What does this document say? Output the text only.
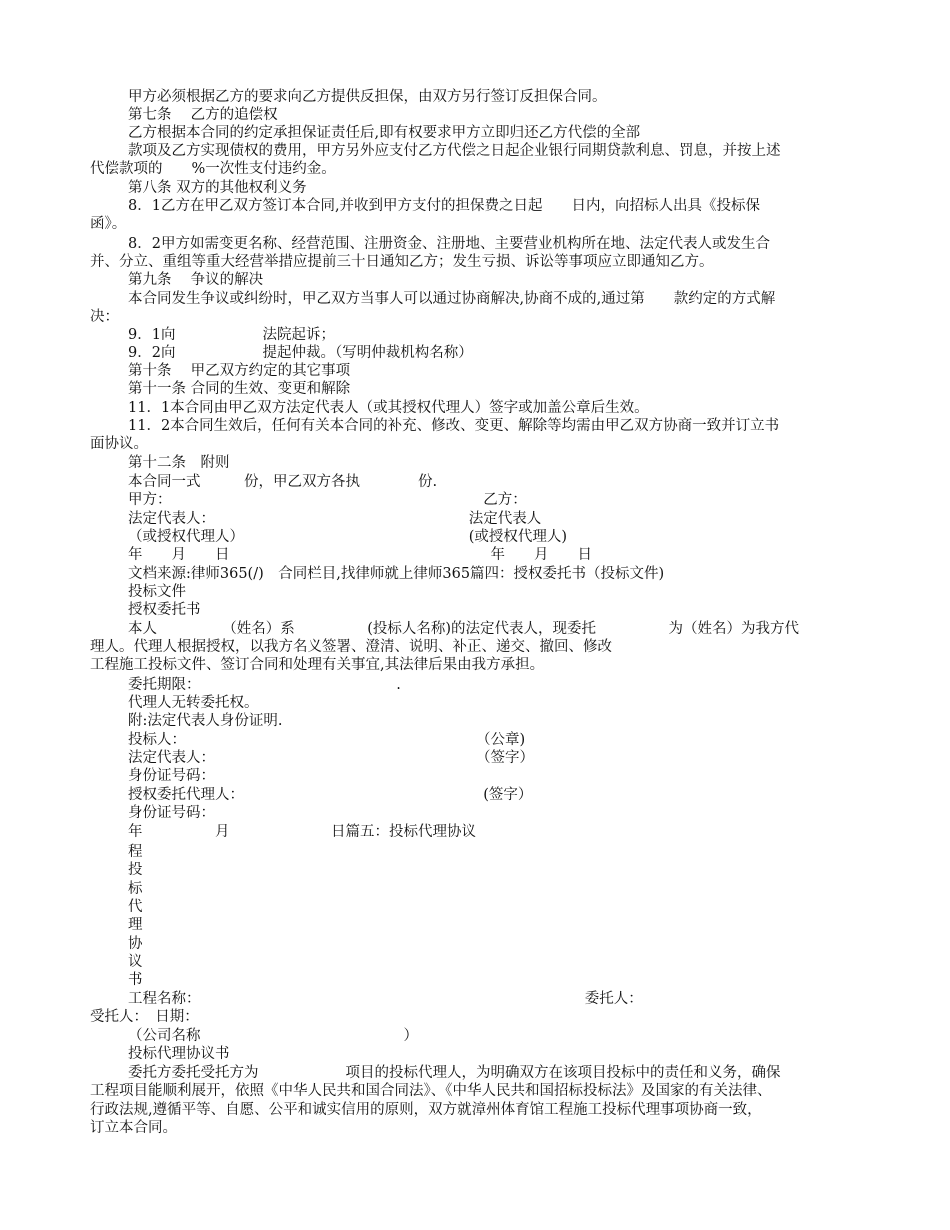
甲方必须根据乙方的要求向乙方提供反担保，由双方另行签订反担保合同。
第七条　 乙方的追偿权
乙方根据本合同的约定承担保证责任后,即有权要求甲方立即归还乙方代偿的全部
款项及乙方实现债权的费用，甲方另外应支付乙方代偿之日起企业银行同期贷款利息、罚息，并按上述
代偿款项的　　%一次性支付违约金。
第八条 双方的其他权利义务
8．1乙方在甲乙双方签订本合同,并收到甲方支付的担保费之日起　　日内，向招标人出具《投标保
函》。
8．2甲方如需变更名称、经营范围、注册资金、注册地、主要营业机构所在地、法定代表人或发生合
并、分立、重组等重大经营举措应提前三十日通知乙方；发生亏损、诉讼等事项应立即通知乙方。
第九条　 争议的解决
本合同发生争议或纠纷时，甲乙双方当事人可以通过协商解决,协商不成的,通过第　　款约定的方式解
决：
9．1向　　　　　　法院起诉；
9．2向　　　　　　提起仲裁。（写明仲裁机构名称）
第十条　 甲乙双方约定的其它事项
第十一条 合同的生效、变更和解除
11．1本合同由甲乙双方法定代表人（或其授权代理人）签字或加盖公章后生效。
11．2本合同生效后，任何有关本合同的补充、修改、变更、解除等均需由甲乙双方协商一致并订立书
面协议。
第十二条　附则
本合同一式　　　份，甲乙双方各执　　　　份.
甲方：　　　　　　　　　　　　　　　　　　　　　　乙方：
法定代表人：　　　　　　　　　　　　　　　　　　法定代表人
（或授权代理人）　　　　　　　　　　　　　　　　(或授权代理人)
年　　月　　日　　　　　　　　　　　　　　　　　　年　　月　　日
文档来源:律师365(/)　合同栏目,找律师就上律师365篇四：授权委托书（投标文件)
投标文件
授权委托书
本人　　　　　（姓名）系　　　　　(投标人名称)的法定代表人，现委托　　　　　为（姓名）为我方代
理人。代理人根据授权，以我方名义签署、澄清、说明、补正、递交、撤回、修改
工程施工投标文件、签订合同和处理有关事宜,其法律后果由我方承担。
委托期限：　　　　　　　　　　　　　　.
代理人无转委托权。
附:法定代表人身份证明.
投标人：　　　　　　　　　　　　　　　　　　　　　（公章)
法定代表人：　　　　　　　　　　　　　　　　　　　（签字）
身份证号码：
授权委托代理人：　　　　　　　　　　　　　　　　　(签字）
身份证号码：
年　　　　　月　　　　　　　日篇五：投标代理协议
程
投
标
代
理
协
议
书
工程名称：　　　　　　　　　　　　　　　　　　　　　　　　　　　委托人：
受托人：　日期：
（公司名称　　　　　　　　　　　　　　）
投标代理协议书
委托方委托受托方为　　　　　　项目的投标代理人，为明确双方在该项目投标中的责任和义务，确保
工程项目能顺利展开，依照《中华人民共和国合同法》、《中华人民共和国招标投标法》及国家的有关法律、
行政法规,遵循平等、自愿、公平和诚实信用的原则，双方就漳州体育馆工程施工投标代理事项协商一致，
订立本合同。
